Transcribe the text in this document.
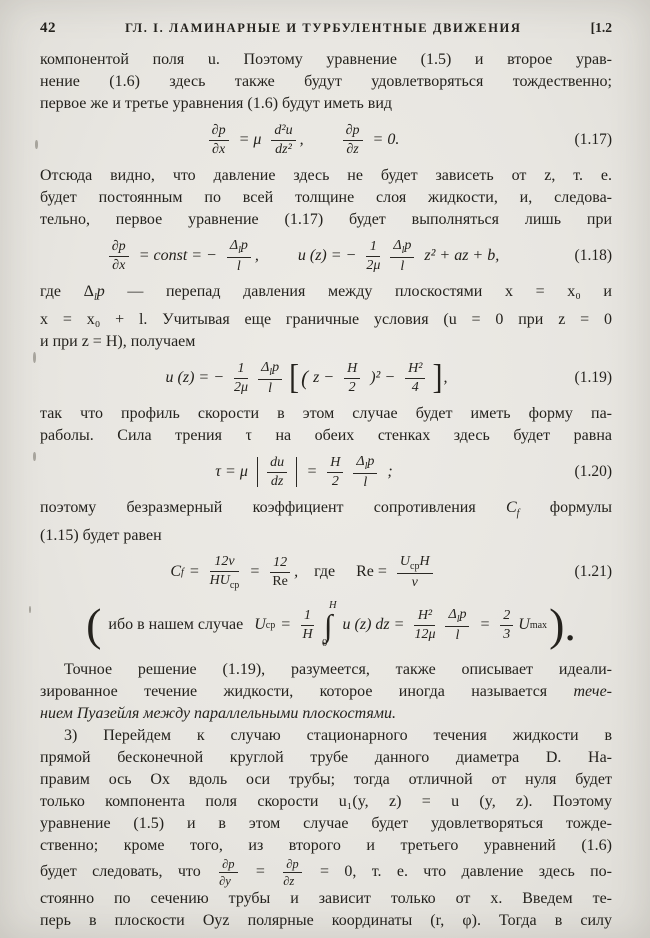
42	ГЛ. I. ЛАМИНАРНЫЕ И ТУРБУЛЕНТНЫЕ ДВИЖЕНИЯ	[1.2
компонентой поля u. Поэтому уравнение (1.5) и второе урав-
нение (1.6) здесь также будут удовлетворяться тождественно;
первое же и третье уравнения (1.6) будут иметь вид
$\frac{\partial p}{\partial x} = \mu$
d²u
dz²
,	$\frac{\partial p}{\partial z} = 0$.	(1.17)
Отсюда видно, что давление здесь не будет зависеть от z, т. е.
будет постоянным по всей толщине слоя жидкости, и, следова-
тельно, первое уравнение (1.17) будет выполняться лишь при
$\frac{\partial p}{\partial x}$ = const = −
$\Delta_lp$
l
, u (z) = − $\frac{1}{2\mu} \Delta_lp$
l
z² + az + b,	(1.18)
где $\Delta_lp$ — перепад давления между плоскостями x = x₀ и
x = x₀ + l. Учитывая еще граничные условия (u = 0 при z = 0
и при z = H), получаем
u (z) = − $\frac{1}{2\mu} \Delta_lp$
l [ ( $z - \frac{H}{2} )^2 - \frac{\text{H²}}{4}$ ] ,	(1.19)
так что профиль скорости в этом случае будет иметь форму па-
раболы. Сила трения τ на обеих стенках здесь будет равна
τ = μ
du
dz
= $\frac{H}{2} \Delta_lp$
l
;	(1.20)
поэтому безразмерный коэффициент сопротивления $C_f$ формулы
(1.15) будет равен
C f =
12ν
$HU_{ср}$
= $\frac{12}{Re}$ , где Re =
$U_{ср}H$
ν
(1.21)
( ибо в нашем случае U ср = $\frac{1}{H}$
H
∫
0
u (z) dz = $\frac{\text{H²}}{12\mu} \Delta_lp$
l
= $\frac{2}{3}$ U max ).
Точное решение (1.19), разумеется, также описывает идеали-
зированное течение жидкости, которое иногда называется тече-
нием Пуазейля между параллельными плоскостями.
3) Перейдем к случаю стационарного течения жидкости в
прямой бесконечной круглой трубе данного диаметра D. На-
правим ось Ox вдоль оси трубы; тогда отличной от нуля будет
только компонента поля скорости u₁(y, z) = u (y, z). Поэтому
уравнение (1.5) и в этом случае будет удовлетворяться тожде-
ственно; кроме того, из второго и третьего уравнений (1.6)
будет следовать, что $\frac{\partial p}{\partial y} = \frac{\partial p}{\partial z} = 0$, т. е. что давление здесь по-
стоянно по сечению трубы и зависит только от x. Введем те-
перь в плоскости Oyz полярные координаты (r, φ). Тогда в силу
